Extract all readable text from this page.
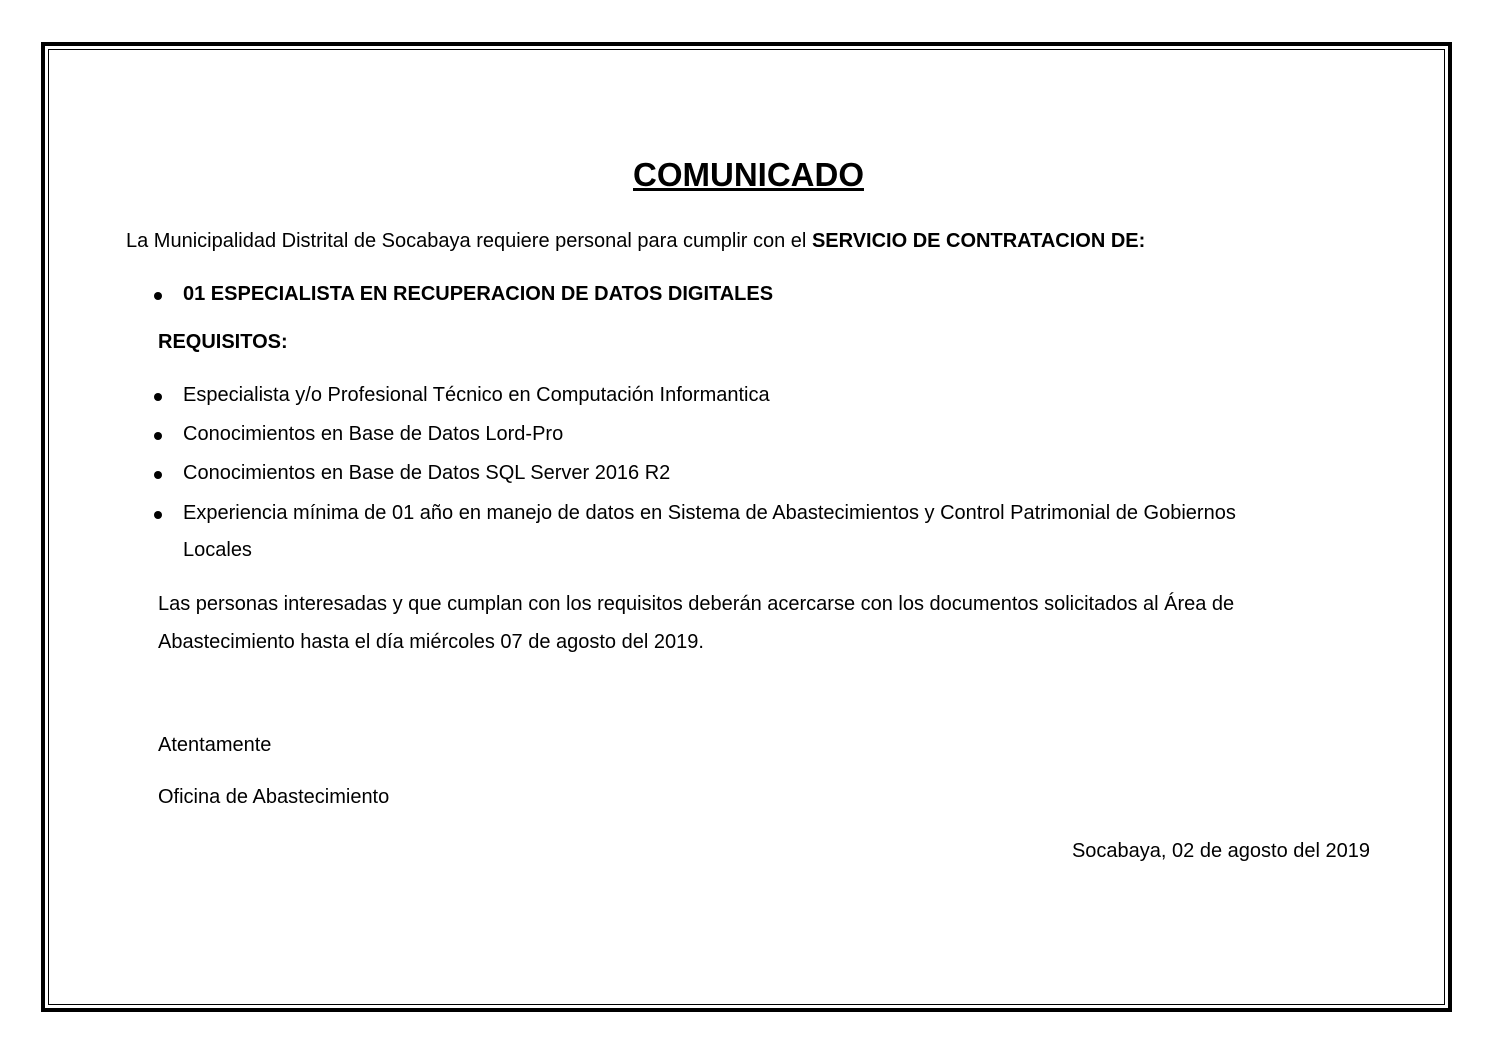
COMUNICADO
La Municipalidad Distrital de Socabaya requiere personal para cumplir con el SERVICIO DE CONTRATACION DE:
01 ESPECIALISTA EN RECUPERACION DE DATOS DIGITALES
REQUISITOS:
Especialista y/o Profesional Técnico en Computación Informantica
Conocimientos en Base de Datos Lord-Pro
Conocimientos en Base de Datos SQL Server 2016 R2
Experiencia mínima de 01 año en manejo de datos en Sistema de Abastecimientos y Control Patrimonial de Gobiernos
Locales
Las personas interesadas y que cumplan con los requisitos deberán acercarse con los documentos solicitados al Área de
Abastecimiento hasta el día miércoles 07 de agosto del 2019.
Atentamente
Oficina de Abastecimiento
Socabaya, 02 de agosto del 2019
